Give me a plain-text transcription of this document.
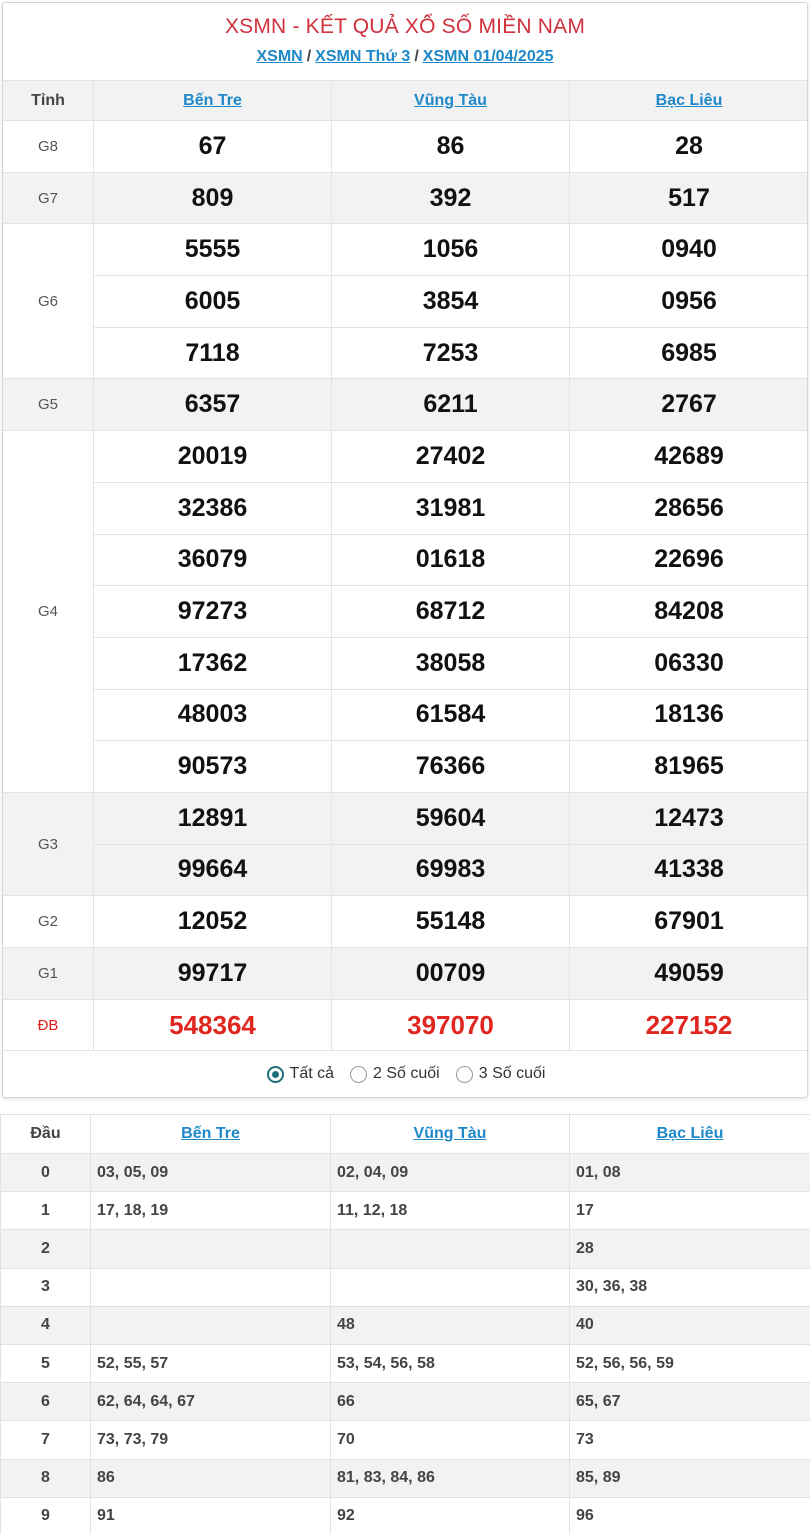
XSMN - KẾT QUẢ XỔ SỐ MIỀN NAM
XSMN / XSMN Thứ 3 / XSMN 01/04/2025
Tỉnh	Bến Tre	Vũng Tàu	Bạc Liêu
G8	67	86	28
G7	809	392	517
G6	5555	1056	0940
	6005	3854	0956
	7118	7253	6985
G5	6357	6211	2767
G4	20019	27402	42689
	32386	31981	28656
	36079	01618	22696
	97273	68712	84208
	17362	38058	06330
	48003	61584	18136
	90573	76366	81965
G3	12891	59604	12473
	99664	69983	41338
G2	12052	55148	67901
G1	99717	00709	49059
ĐB	548364	397070	227152
Tất cả 2 Số cuối 3 Số cuối
Đầu	Bến Tre	Vũng Tàu	Bạc Liêu
0	03, 05, 09	02, 04, 09	01, 08
1	17, 18, 19	11, 12, 18	17
2			28
3			30, 36, 38
4		48	40
5	52, 55, 57	53, 54, 56, 58	52, 56, 56, 59
6	62, 64, 64, 67	66	65, 67
7	73, 73, 79	70	73
8	86	81, 83, 84, 86	85, 89
9	91	92	96
